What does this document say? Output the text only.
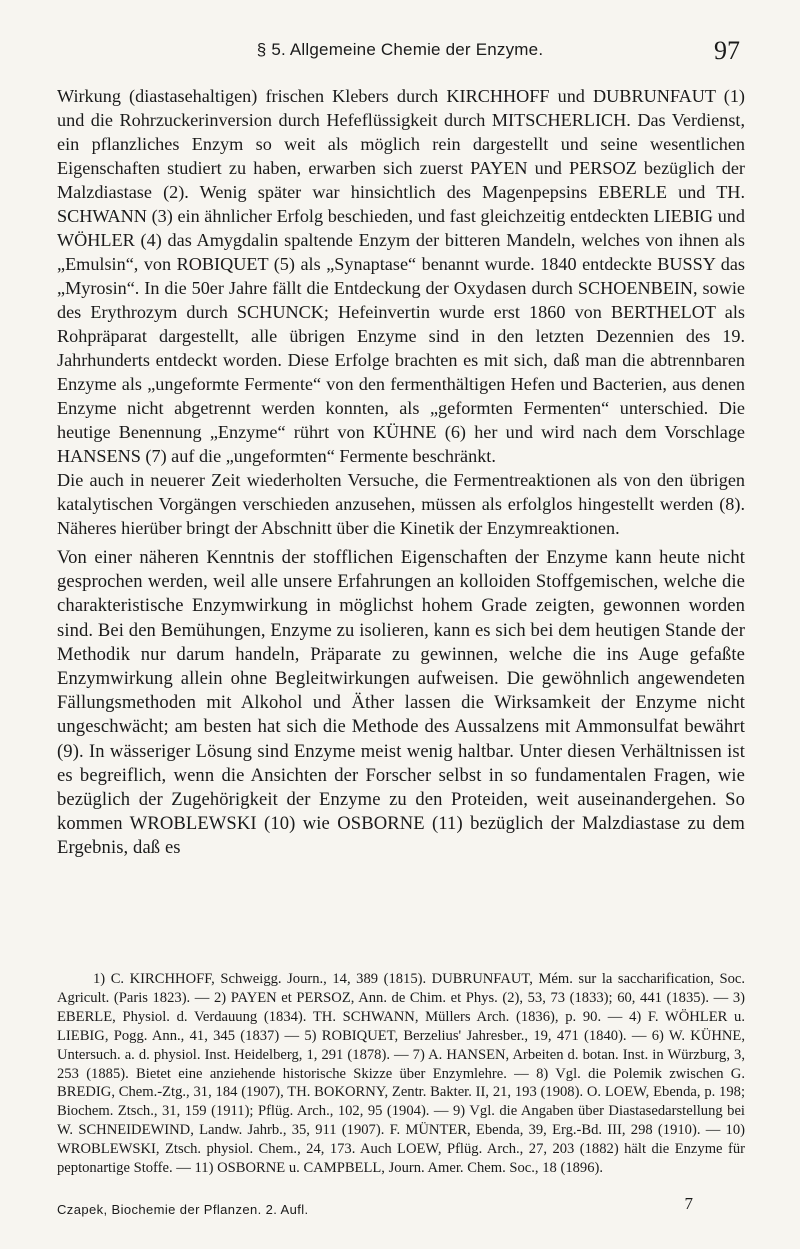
§ 5. Allgemeine Chemie der Enzyme.	97

Wirkung (diastasehaltigen) frischen Klebers durch KIRCHHOFF und DUBRUNFAUT (1) und die Rohrzuckerinversion durch Hefeflüssigkeit durch MITSCHERLICH. Das Verdienst, ein pflanzliches Enzym so weit als möglich rein dargestellt und seine wesentlichen Eigenschaften studiert zu haben, erwarben sich zuerst PAYEN und PERSOZ bezüglich der Malzdiastase (2). Wenig später war hinsichtlich des Magenpepsins EBERLE und TH. SCHWANN (3) ein ähnlicher Erfolg beschieden, und fast gleichzeitig entdeckten LIEBIG und WÖHLER (4) das Amygdalin spaltende Enzym der bitteren Mandeln, welches von ihnen als „Emulsin“, von ROBIQUET (5) als „Synaptase“ benannt wurde. 1840 entdeckte BUSSY das „Myrosin“. In die 50er Jahre fällt die Entdeckung der Oxydasen durch SCHOENBEIN, sowie des Erythrozym durch SCHUNCK; Hefeinvertin wurde erst 1860 von BERTHELOT als Rohpräparat dargestellt, alle übrigen Enzyme sind in den letzten Dezennien des 19. Jahrhunderts entdeckt worden. Diese Erfolge brachten es mit sich, daß man die abtrennbaren Enzyme als „ungeformte Fermente“ von den fermenthältigen Hefen und Bacterien, aus denen Enzyme nicht abgetrennt werden konnten, als „geformten Fermenten“ unterschied. Die heutige Benennung „Enzyme“ rührt von KÜHNE (6) her und wird nach dem Vorschlage HANSENS (7) auf die „ungeformten“ Fermente beschränkt.

Die auch in neuerer Zeit wiederholten Versuche, die Fermentreaktionen als von den übrigen katalytischen Vorgängen verschieden anzusehen, müssen als erfolglos hingestellt werden (8). Näheres hierüber bringt der Abschnitt über die Kinetik der Enzymreaktionen.

Von einer näheren Kenntnis der stofflichen Eigenschaften der Enzyme kann heute nicht gesprochen werden, weil alle unsere Erfahrungen an kolloiden Stoffgemischen, welche die charakteristische Enzymwirkung in möglichst hohem Grade zeigten, gewonnen worden sind. Bei den Bemühungen, Enzyme zu isolieren, kann es sich bei dem heutigen Stande der Methodik nur darum handeln, Präparate zu gewinnen, welche die ins Auge gefaßte Enzymwirkung allein ohne Begleitwirkungen aufweisen. Die gewöhnlich angewendeten Fällungsmethoden mit Alkohol und Äther lassen die Wirksamkeit der Enzyme nicht ungeschwächt; am besten hat sich die Methode des Aussalzens mit Ammonsulfat bewährt (9). In wässeriger Lösung sind Enzyme meist wenig haltbar. Unter diesen Verhältnissen ist es begreiflich, wenn die Ansichten der Forscher selbst in so fundamentalen Fragen, wie bezüglich der Zugehörigkeit der Enzyme zu den Proteiden, weit auseinandergehen. So kommen WROBLEWSKI (10) wie OSBORNE (11) bezüglich der Malzdiastase zu dem Ergebnis, daß es

1) C. KIRCHHOFF, Schweigg. Journ., 14, 389 (1815). DUBRUNFAUT, Mém. sur la saccharification, Soc. Agricult. (Paris 1823). — 2) PAYEN et PERSOZ, Ann. de Chim. et Phys. (2), 53, 73 (1833); 60, 441 (1835). — 3) EBERLE, Physiol. d. Verdauung (1834). TH. SCHWANN, Müllers Arch. (1836), p. 90. — 4) F. WÖHLER u. LIEBIG, Pogg. Ann., 41, 345 (1837) — 5) ROBIQUET, Berzelius' Jahresber., 19, 471 (1840). — 6) W. KÜHNE, Untersuch. a. d. physiol. Inst. Heidelberg, 1, 291 (1878). — 7) A. HANSEN, Arbeiten d. botan. Inst. in Würzburg, 3, 253 (1885). Bietet eine anziehende historische Skizze über Enzymlehre. — 8) Vgl. die Polemik zwischen G. BREDIG, Chem.-Ztg., 31, 184 (1907), TH. BOKORNY, Zentr. Bakter. II, 21, 193 (1908). O. LOEW, Ebenda, p. 198; Biochem. Ztsch., 31, 159 (1911); Pflüg. Arch., 102, 95 (1904). — 9) Vgl. die Angaben über Diastasedarstellung bei W. SCHNEIDEWIND, Landw. Jahrb., 35, 911 (1907). F. MÜNTER, Ebenda, 39, Erg.-Bd. III, 298 (1910). — 10) WROBLEWSKI, Ztsch. physiol. Chem., 24, 173. Auch LOEW, Pflüg. Arch., 27, 203 (1882) hält die Enzyme für peptonartige Stoffe. — 11) OSBORNE u. CAMPBELL, Journ. Amer. Chem. Soc., 18 (1896).

Czapek, Biochemie der Pflanzen. 2. Aufl.	7
